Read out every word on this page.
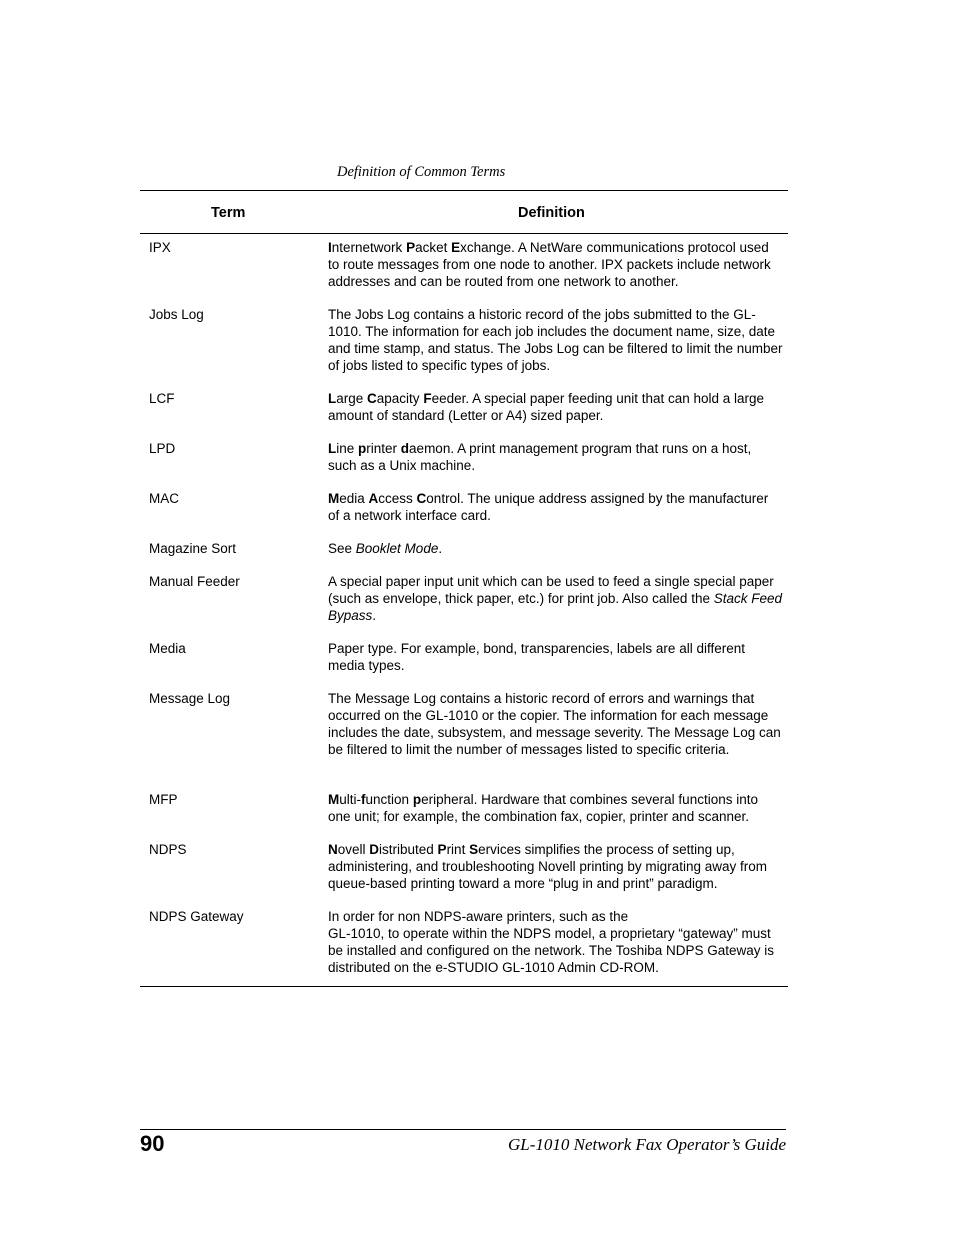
Definition of Common Terms
Term	Definition
IPX	Internetwork Packet Exchange. A NetWare communications protocol used to route messages from one node to another. IPX packets include network addresses and can be routed from one network to another.
Jobs Log	The Jobs Log contains a historic record of the jobs submitted to the GL-1010. The information for each job includes the document name, size, date and time stamp, and status. The Jobs Log can be filtered to limit the number of jobs listed to specific types of jobs.
LCF	Large Capacity Feeder. A special paper feeding unit that can hold a large amount of standard (Letter or A4) sized paper.
LPD	Line printer daemon. A print management program that runs on a host, such as a Unix machine.
MAC	Media Access Control. The unique address assigned by the manufacturer of a network interface card.
Magazine Sort	See Booklet Mode.
Manual Feeder	A special paper input unit which can be used to feed a single special paper (such as envelope, thick paper, etc.) for print job. Also called the Stack Feed Bypass.
Media	Paper type. For example, bond, transparencies, labels are all different media types.
Message Log	The Message Log contains a historic record of errors and warnings that occurred on the GL-1010 or the copier. The information for each message includes the date, subsystem, and message severity. The Message Log can be filtered to limit the number of messages listed to specific criteria.
MFP	Multi-function peripheral. Hardware that combines several functions into one unit; for example, the combination fax, copier, printer and scanner.
NDPS	Novell Distributed Print Services simplifies the process of setting up, administering, and troubleshooting Novell printing by migrating away from queue-based printing toward a more “plug in and print” paradigm.
NDPS Gateway	In order for non NDPS-aware printers, such as the
GL-1010, to operate within the NDPS model, a proprietary “gateway” must be installed and configured on the network. The Toshiba NDPS Gateway is distributed on the e-STUDIO GL-1010 Admin CD-ROM.
90	GL-1010 Network Fax Operator’s Guide
